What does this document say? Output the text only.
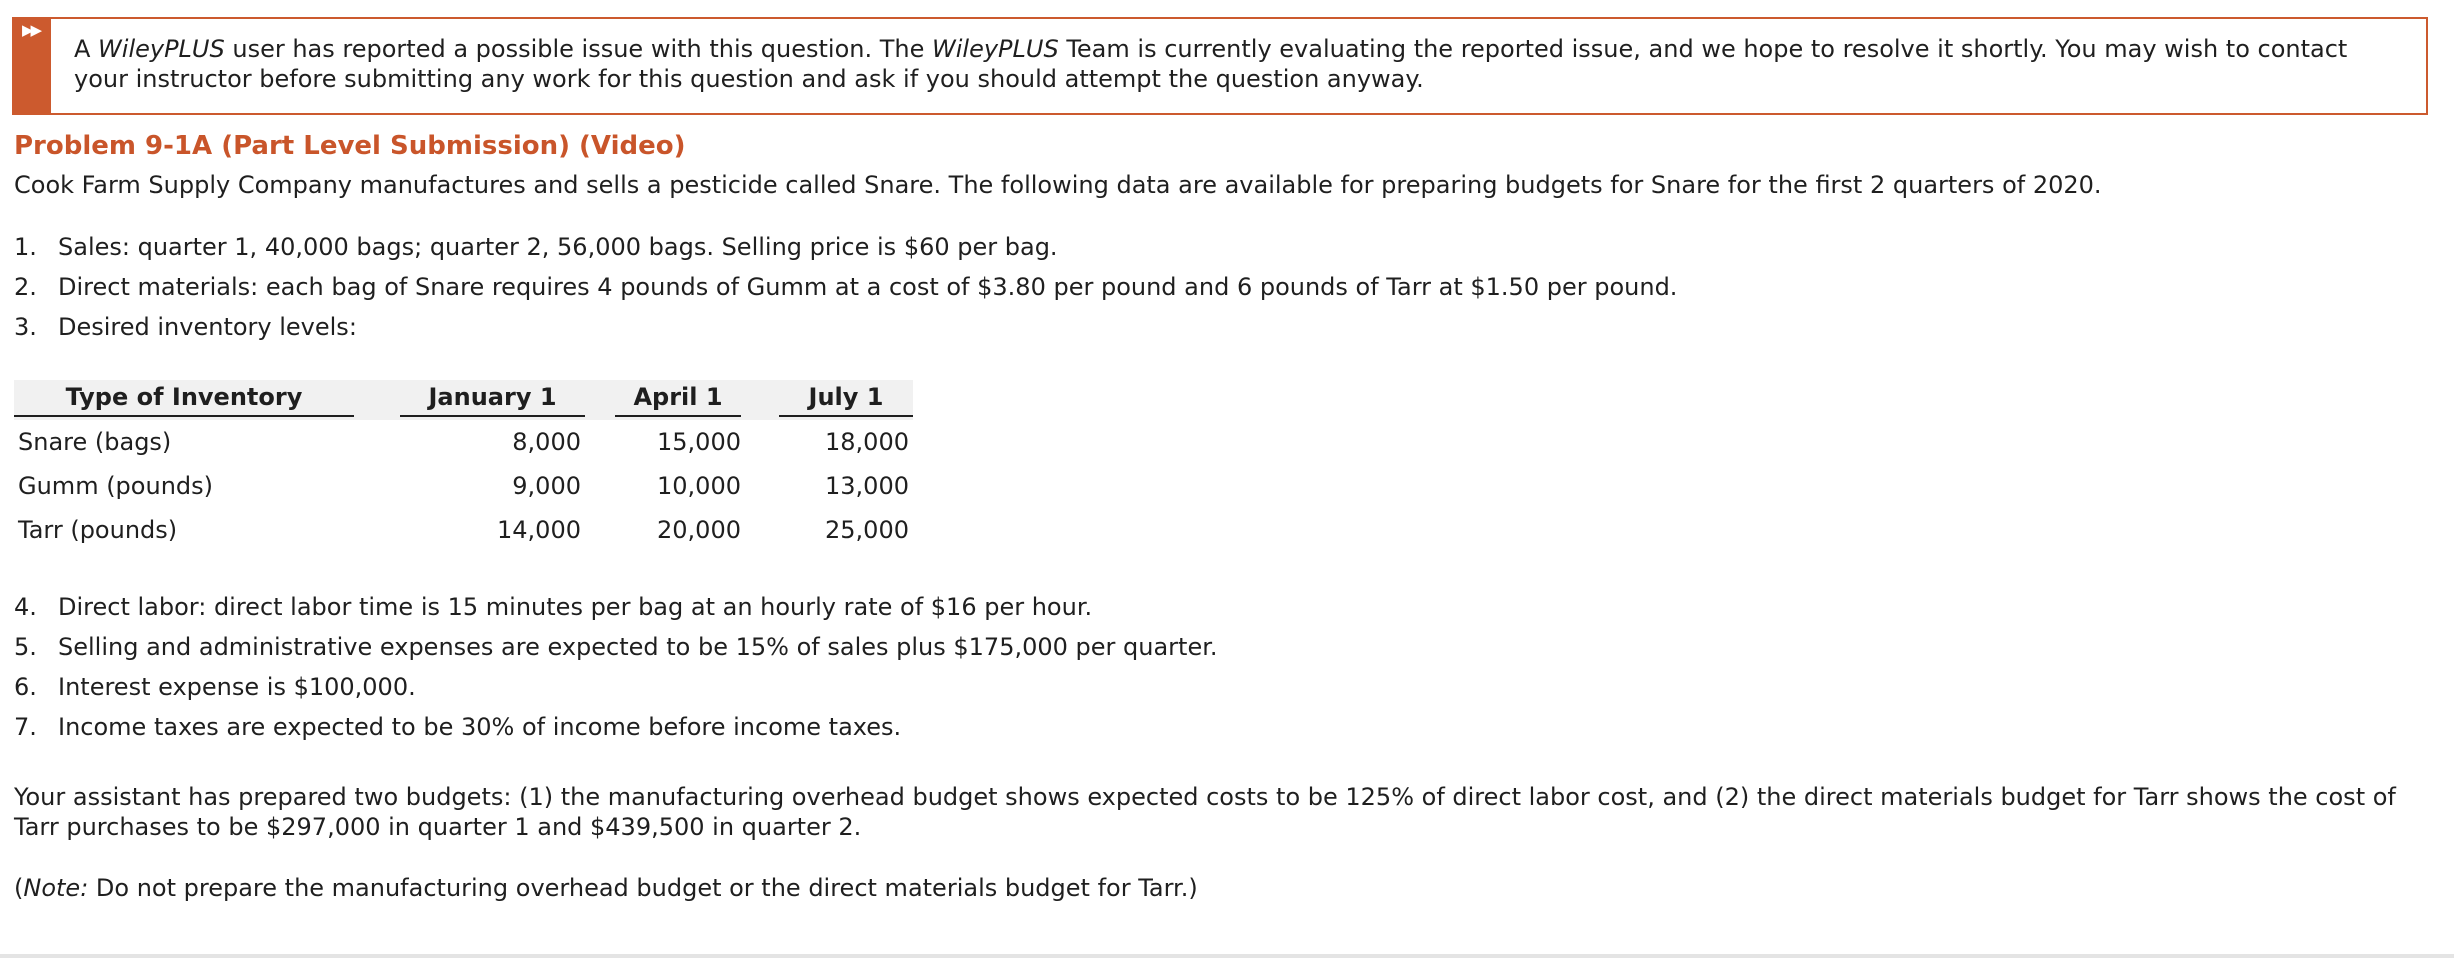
▶▶
A WileyPLUS user has reported a possible issue with this question. The WileyPLUS Team is currently evaluating the reported issue, and we hope to resolve it shortly. You may wish to contact your instructor before submitting any work for this question and ask if you should attempt the question anyway.
Problem 9-1A (Part Level Submission) (Video)
Cook Farm Supply Company manufactures and sells a pesticide called Snare. The following data are available for preparing budgets for Snare for the first 2 quarters of 2020.
1. Sales: quarter 1, 40,000 bags; quarter 2, 56,000 bags. Selling price is $60 per bag.
2. Direct materials: each bag of Snare requires 4 pounds of Gumm at a cost of $3.80 per pound and 6 pounds of Tarr at $1.50 per pound.
3. Desired inventory levels:
Type of Inventory	January 1	April 1	July 1

Snare (bags)	8,000	15,000	18,000
Gumm (pounds)	9,000	10,000	13,000
Tarr (pounds)	14,000	20,000	25,000
4. Direct labor: direct labor time is 15 minutes per bag at an hourly rate of $16 per hour.
5. Selling and administrative expenses are expected to be 15% of sales plus $175,000 per quarter.
6. Interest expense is $100,000.
7. Income taxes are expected to be 30% of income before income taxes.
Your assistant has prepared two budgets: (1) the manufacturing overhead budget shows expected costs to be 125% of direct labor cost, and (2) the direct materials budget for Tarr shows the cost of Tarr purchases to be $297,000 in quarter 1 and $439,500 in quarter 2.
(Note: Do not prepare the manufacturing overhead budget or the direct materials budget for Tarr.)
